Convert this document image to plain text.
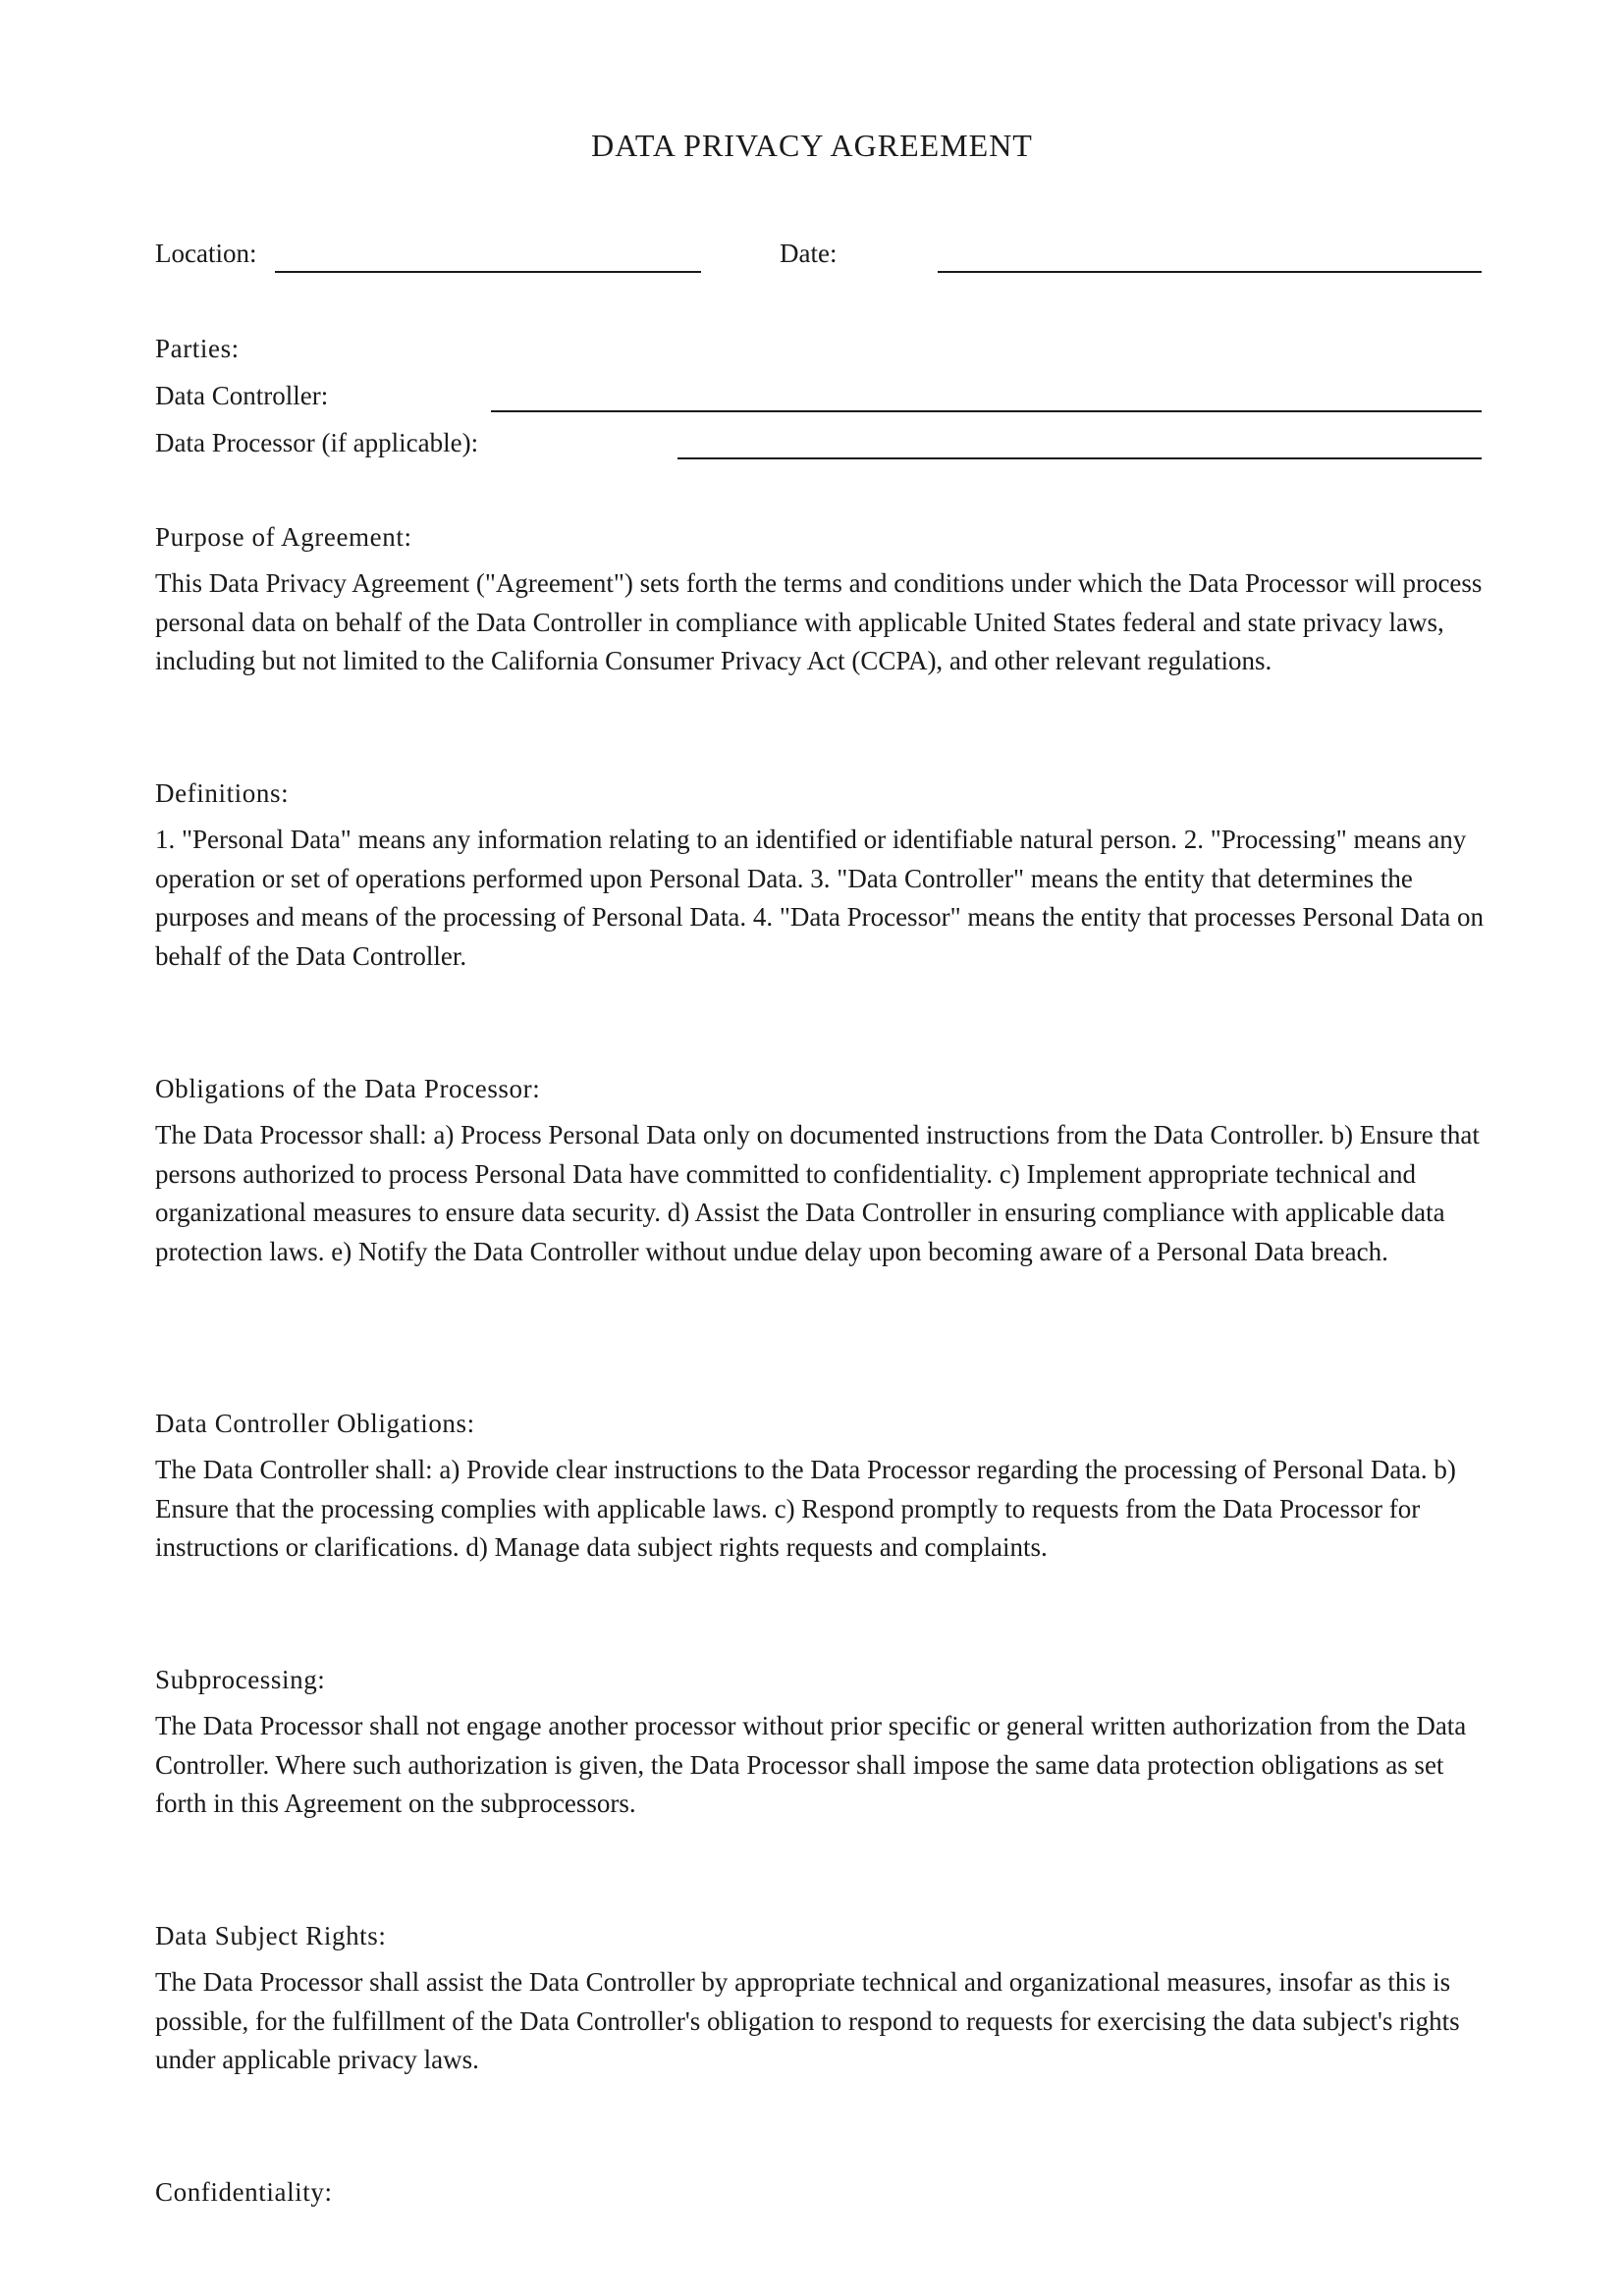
DATA PRIVACY AGREEMENT
Location:	Date:
Parties:
Data Controller:
Data Processor (if applicable):
Purpose of Agreement:

This Data Privacy Agreement ("Agreement") sets forth the terms and conditions under which the Data Processor will process personal data on behalf of the Data Controller in compliance with applicable United States federal and state privacy laws, including but not limited to the California Consumer Privacy Act (CCPA), and other relevant regulations.

Definitions:

1. "Personal Data" means any information relating to an identified or identifiable natural person. 2. "Processing" means any operation or set of operations performed upon Personal Data. 3. "Data Controller" means the entity that determines the purposes and means of the processing of Personal Data. 4. "Data Processor" means the entity that processes Personal Data on behalf of the Data Controller.

Obligations of the Data Processor:

The Data Processor shall: a) Process Personal Data only on documented instructions from the Data Controller. b) Ensure that persons authorized to process Personal Data have committed to confidentiality. c) Implement appropriate technical and organizational measures to ensure data security. d) Assist the Data Controller in ensuring compliance with applicable data protection laws. e) Notify the Data Controller without undue delay upon becoming aware of a Personal Data breach.

Data Controller Obligations:

The Data Controller shall: a) Provide clear instructions to the Data Processor regarding the processing of Personal Data. b) Ensure that the processing complies with applicable laws. c) Respond promptly to requests from the Data Processor for instructions or clarifications. d) Manage data subject rights requests and complaints.

Subprocessing:

The Data Processor shall not engage another processor without prior specific or general written authorization from the Data Controller. Where such authorization is given, the Data Processor shall impose the same data protection obligations as set forth in this Agreement on the subprocessors.

Data Subject Rights:

The Data Processor shall assist the Data Controller by appropriate technical and organizational measures, insofar as this is possible, for the fulfillment of the Data Controller's obligation to respond to requests for exercising the data subject's rights under applicable privacy laws.

Confidentiality:
